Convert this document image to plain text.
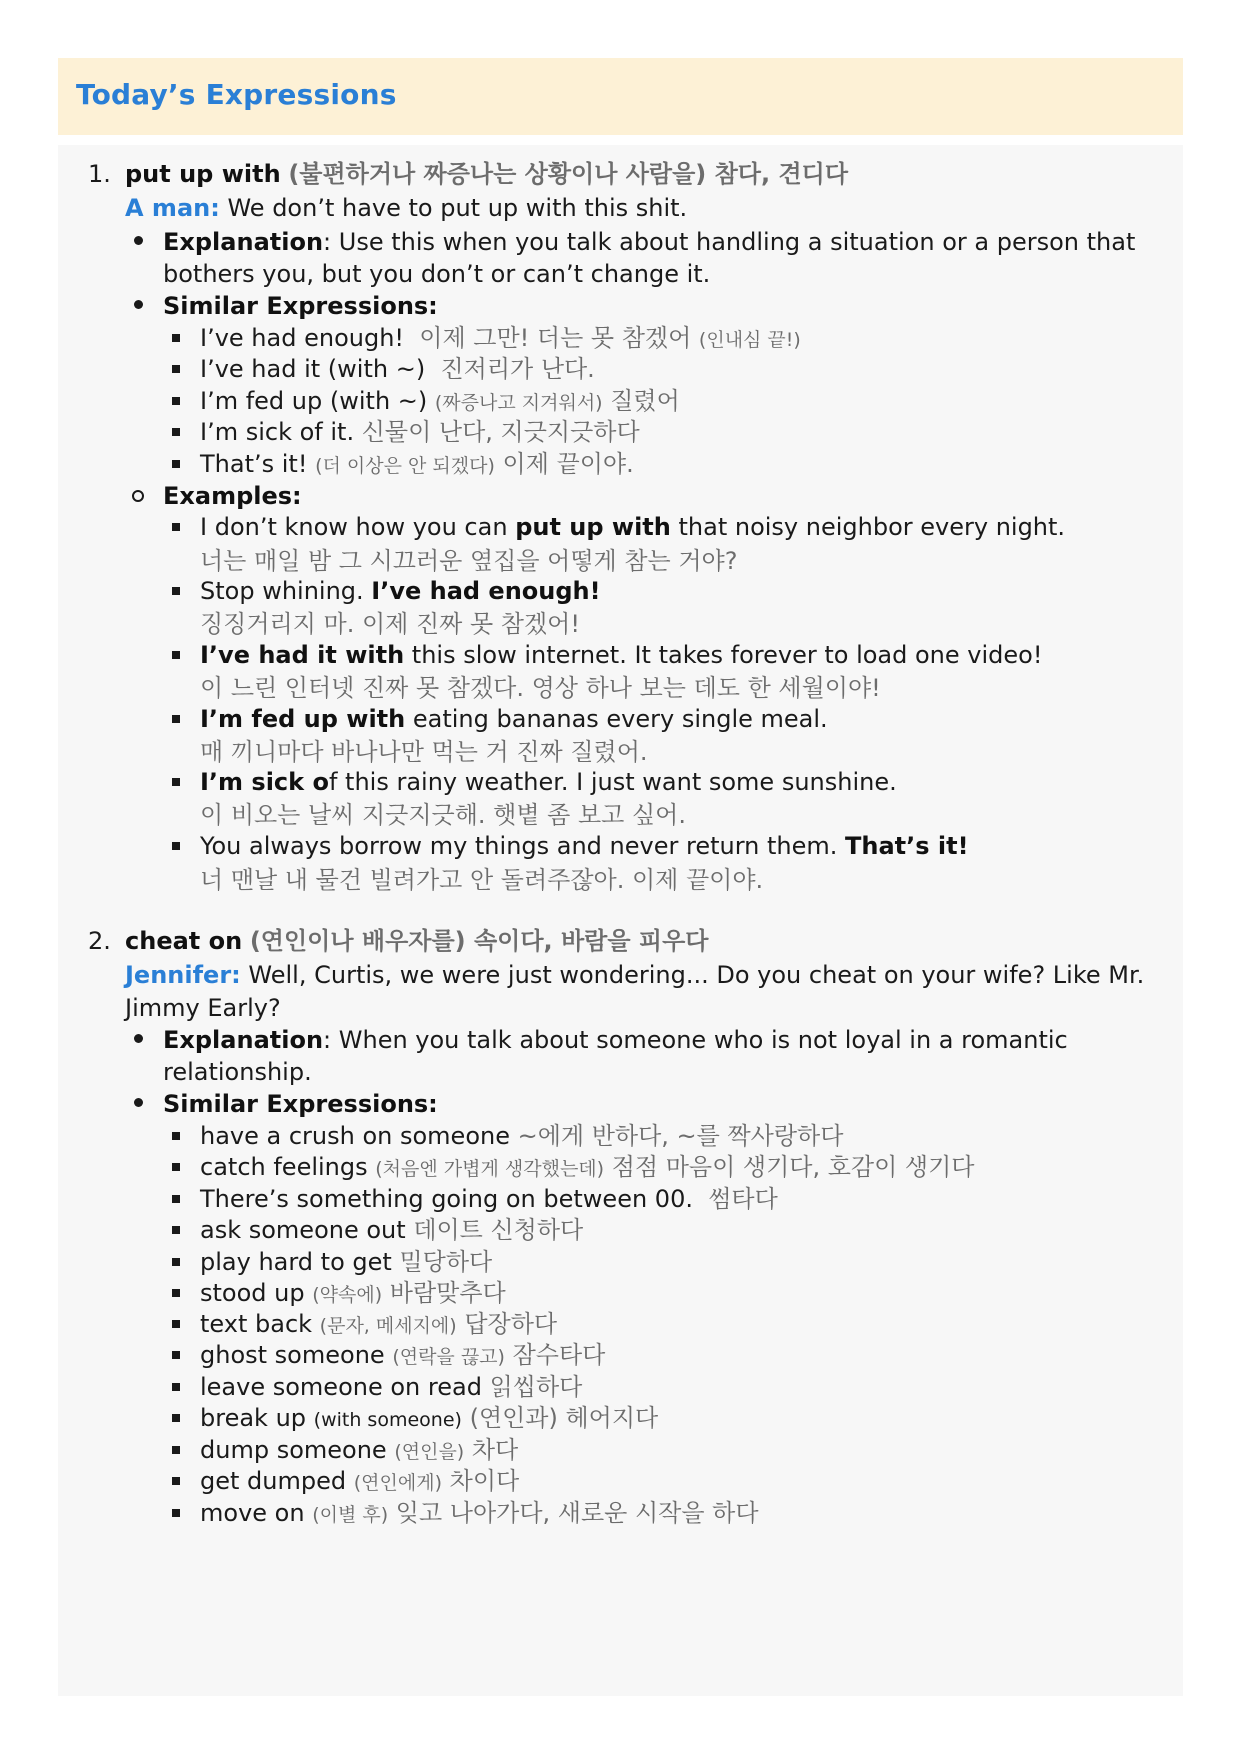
Today’s Expressions
1. put up with (불편하거나 짜증나는 상황이나 사람을) 참다, 견디다
A man: We don’t have to put up with this shit.
Explanation: Use this when you talk about handling a situation or a person that
bothers you, but you don’t or can’t change it.
Similar Expressions:
I’ve had enough! 이제 그만! 더는 못 참겠어 (인내심 끝!)
I’ve had it (with ~) 진저리가 난다.
I’m fed up (with ~) (짜증나고 지겨워서) 질렸어
I’m sick of it. 신물이 난다, 지긋지긋하다
That’s it! (더 이상은 안 되겠다) 이제 끝이야.
Examples:
I don’t know how you can put up with that noisy neighbor every night.
너는 매일 밤 그 시끄러운 옆집을 어떻게 참는 거야?
Stop whining. I’ve had enough!
징징거리지 마. 이제 진짜 못 참겠어!
I’ve had it with this slow internet. It takes forever to load one video!
이 느린 인터넷 진짜 못 참겠다. 영상 하나 보는 데도 한 세월이야!
I’m fed up with eating bananas every single meal.
매 끼니마다 바나나만 먹는 거 진짜 질렸어.
I’m sick of this rainy weather. I just want some sunshine.
이 비오는 날씨 지긋지긋해. 햇볕 좀 보고 싶어.
You always borrow my things and never return them. That’s it!
너 맨날 내 물건 빌려가고 안 돌려주잖아. 이제 끝이야.
2. cheat on (연인이나 배우자를) 속이다, 바람을 피우다
Jennifer: Well, Curtis, we were just wondering... Do you cheat on your wife? Like Mr.
Jimmy Early?
Explanation: When you talk about someone who is not loyal in a romantic
relationship.
Similar Expressions:
have a crush on someone ~에게 반하다, ~를 짝사랑하다
catch feelings (처음엔 가볍게 생각했는데) 점점 마음이 생기다, 호감이 생기다
There’s something going on between 00. 썸타다
ask someone out 데이트 신청하다
play hard to get 밀당하다
stood up (약속에) 바람맞추다
text back (문자, 메세지에) 답장하다
ghost someone (연락을 끊고) 잠수타다
leave someone on read 읽씹하다
break up (with someone) (연인과) 헤어지다
dump someone (연인을) 차다
get dumped (연인에게) 차이다
move on (이별 후) 잊고 나아가다, 새로운 시작을 하다
